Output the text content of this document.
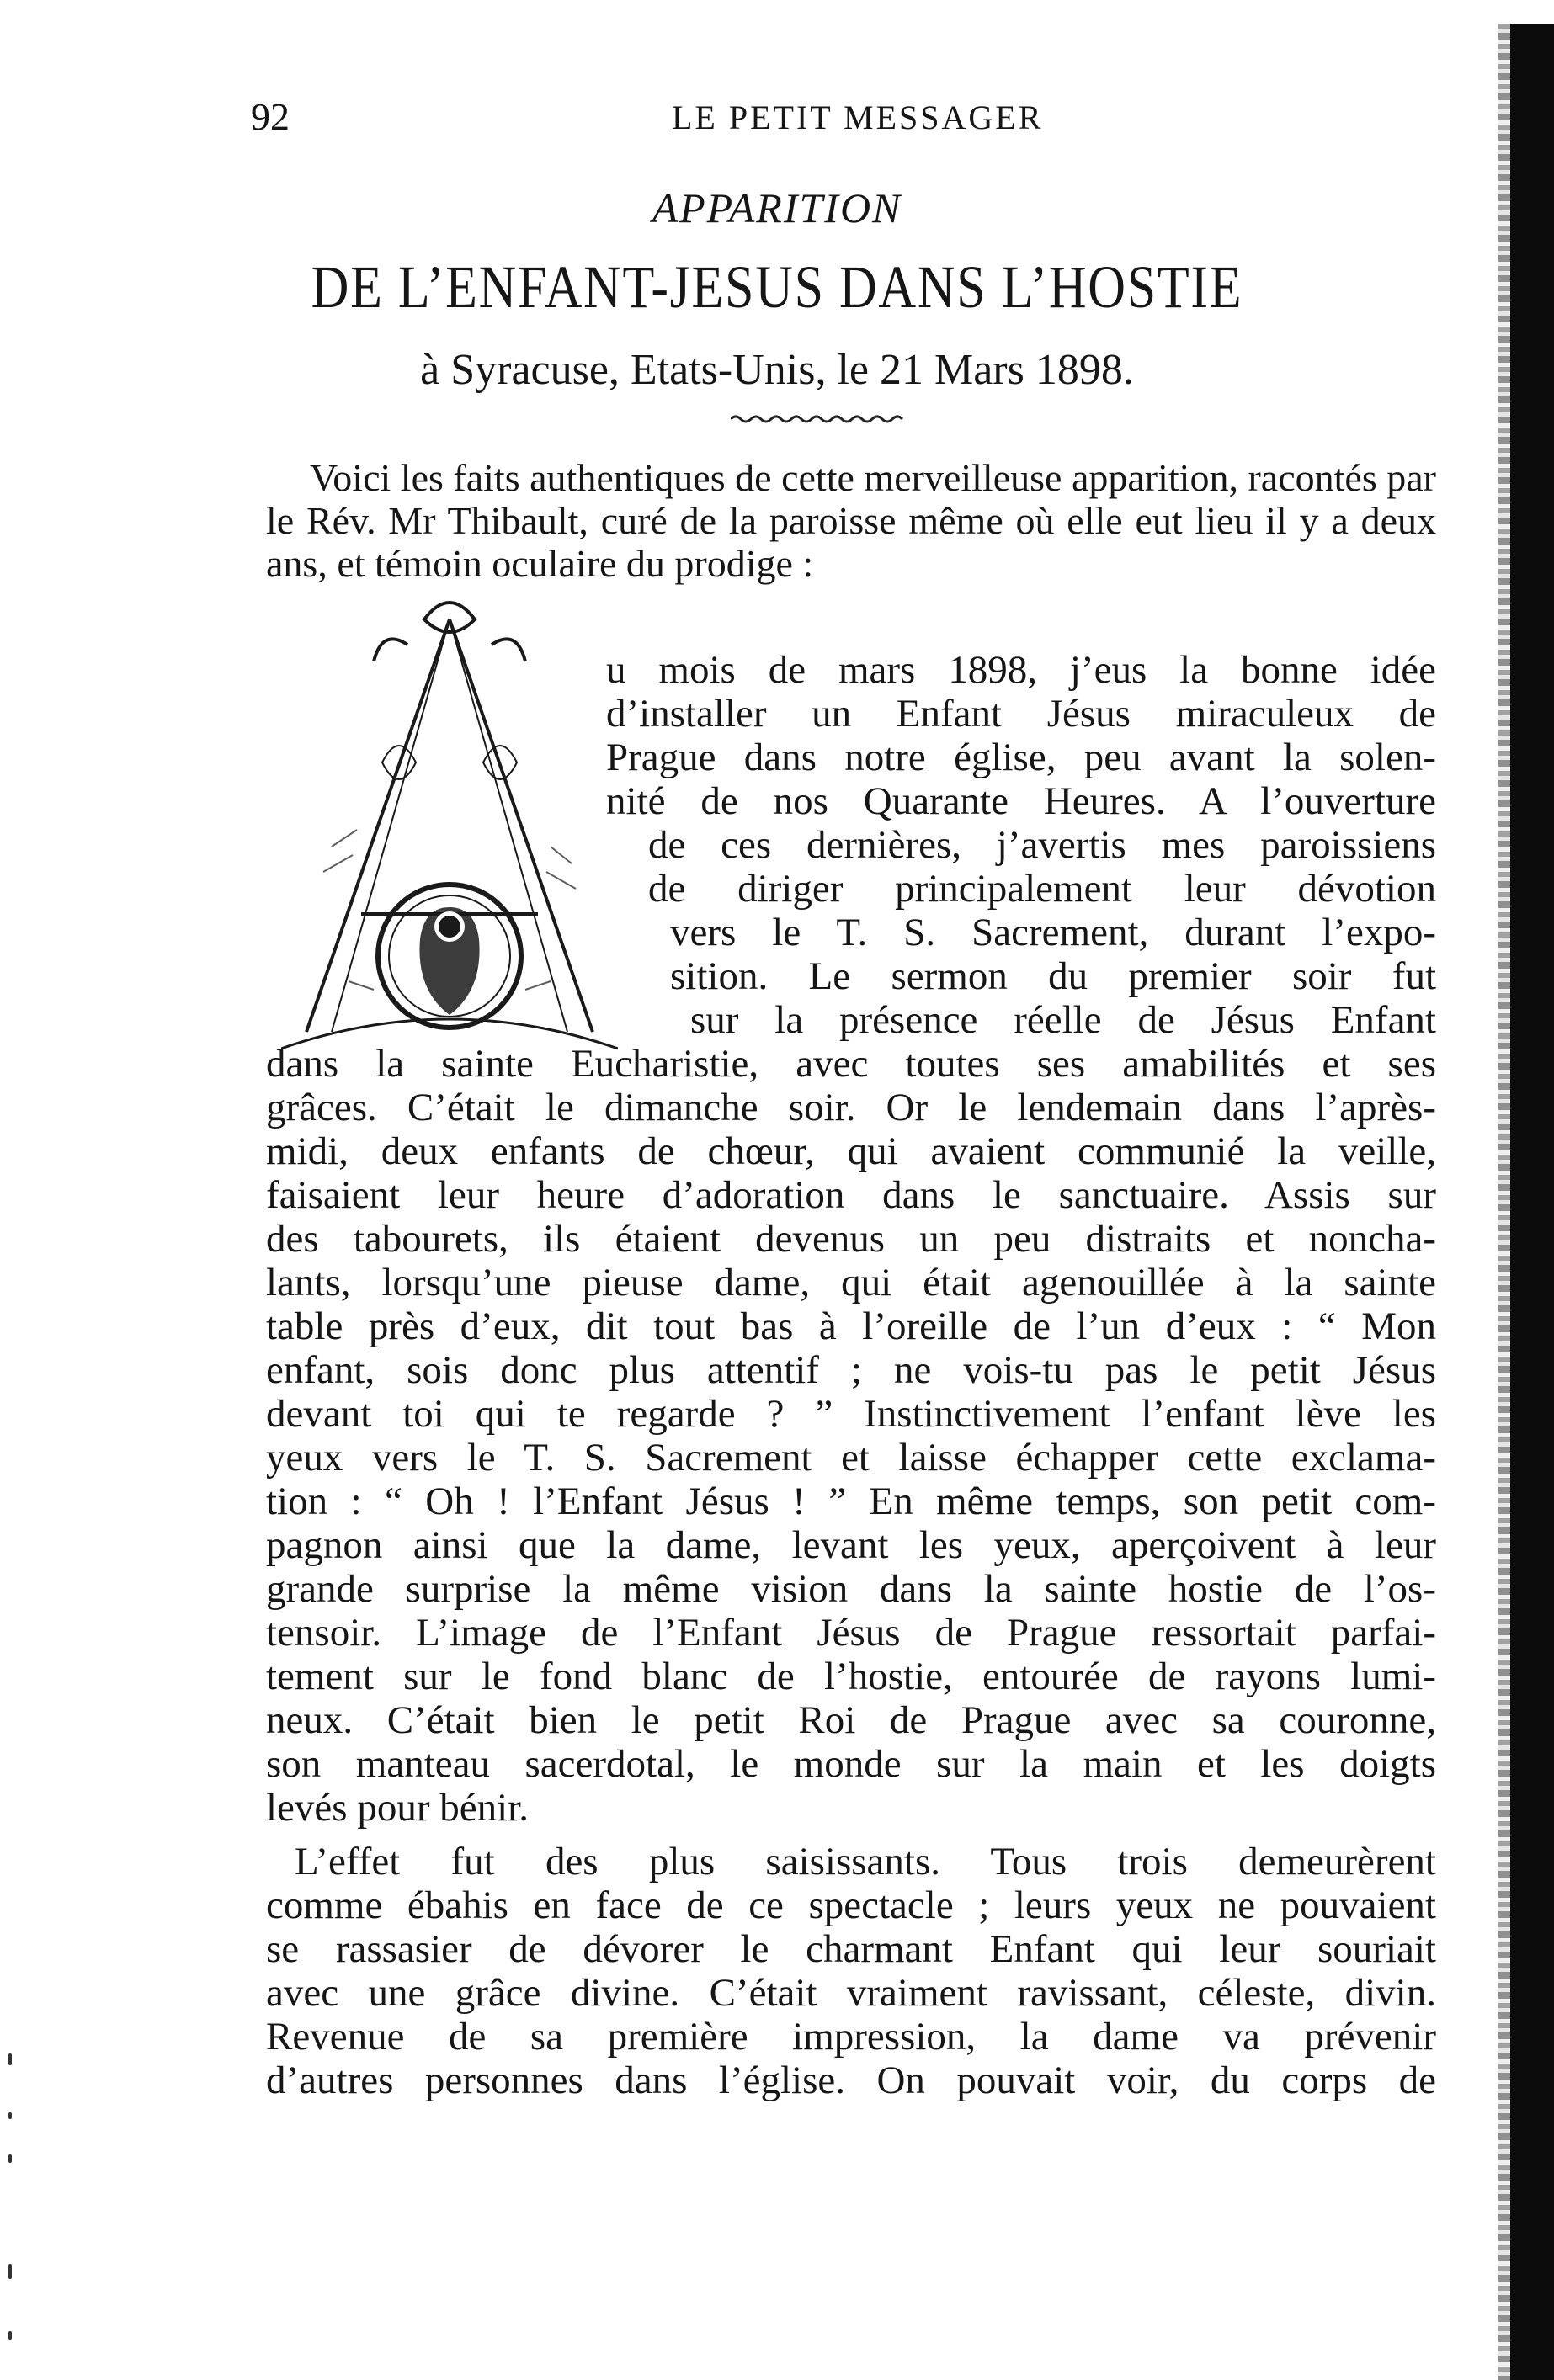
92	LE PETIT MESSAGER
APPARITION
DE L’ENFANT-JESUS DANS L’HOSTIE
à Syracuse, Etats-Unis, le 21 Mars 1898.

Voici les faits authentiques de cette merveilleuse apparition, racontés par le Rév. Mr Thibault, curé de la paroisse même où elle eut lieu il y a deux ans, et témoin oculaire du prodige :

u mois de mars 1898, j’eus la bonne idée
d’installer un Enfant Jésus miraculeux de
Prague dans notre église, peu avant la solen-
nité de nos Quarante Heures. A l’ouverture
de ces dernières, j’avertis mes paroissiens
de diriger principalement leur dévotion
vers le T. S. Sacrement, durant l’expo-
sition. Le sermon du premier soir fut
sur la présence réelle de Jésus Enfant
dans la sainte Eucharistie, avec toutes ses amabilités et ses
grâces. C’était le dimanche soir. Or le lendemain dans l’après-
midi, deux enfants de chœur, qui avaient communié la veille,
faisaient leur heure d’adoration dans le sanctuaire. Assis sur
des tabourets, ils étaient devenus un peu distraits et noncha-
lants, lorsqu’une pieuse dame, qui était agenouillée à la sainte
table près d’eux, dit tout bas à l’oreille de l’un d’eux : “ Mon
enfant, sois donc plus attentif ; ne vois-tu pas le petit Jésus
devant toi qui te regarde ? ” Instinctivement l’enfant lève les
yeux vers le T. S. Sacrement et laisse échapper cette exclama-
tion : “ Oh ! l’Enfant Jésus ! ” En même temps, son petit com-
pagnon ainsi que la dame, levant les yeux, aperçoivent à leur
grande surprise la même vision dans la sainte hostie de l’os-
tensoir. L’image de l’Enfant Jésus de Prague ressortait parfai-
tement sur le fond blanc de l’hostie, entourée de rayons lumi-
neux. C’était bien le petit Roi de Prague avec sa couronne,
son manteau sacerdotal, le monde sur la main et les doigts
levés pour bénir.
L’effet fut des plus saisissants. Tous trois demeurèrent
comme ébahis en face de ce spectacle ; leurs yeux ne pouvaient
se rassasier de dévorer le charmant Enfant qui leur souriait
avec une grâce divine. C’était vraiment ravissant, céleste, divin.
Revenue de sa première impression, la dame va prévenir
d’autres personnes dans l’église. On pouvait voir, du corps de
